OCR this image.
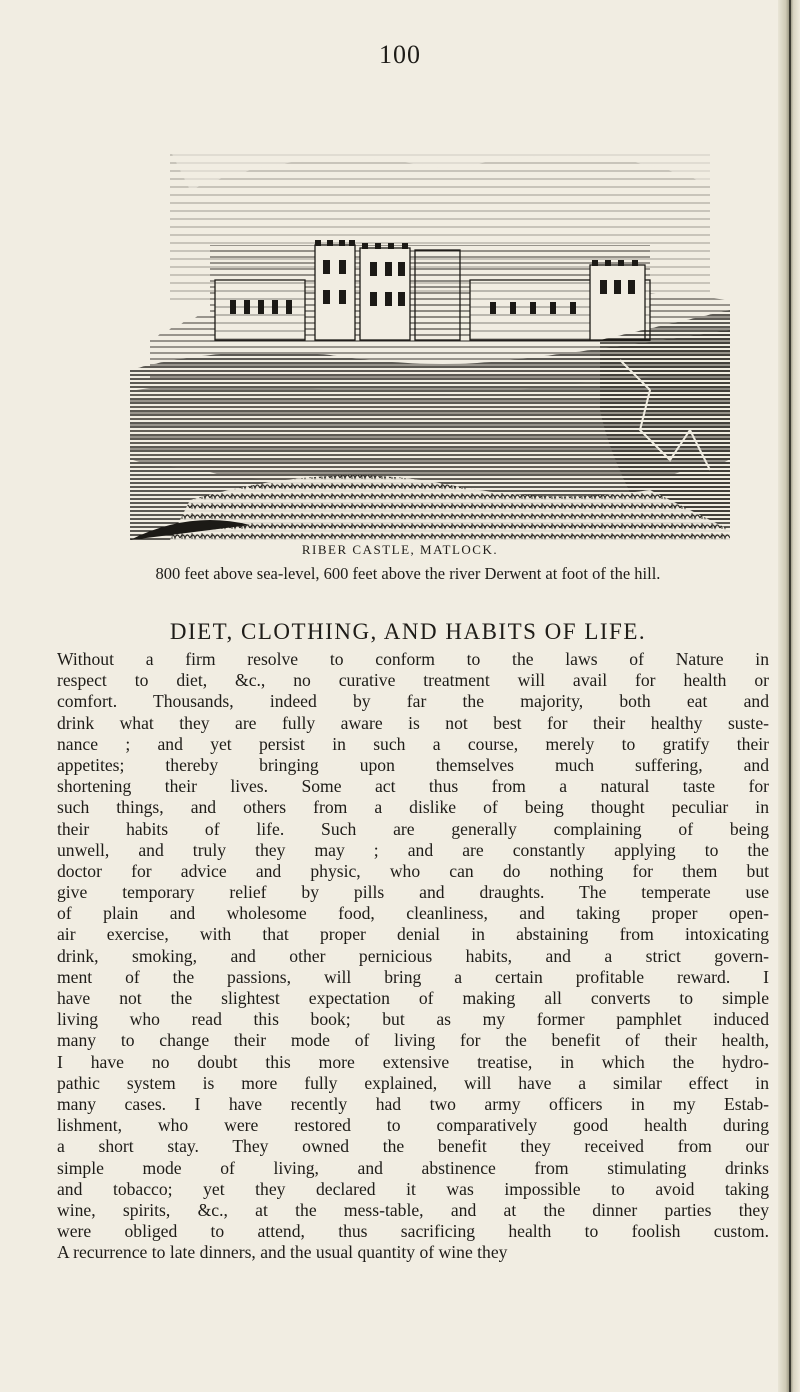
100
RIBER CASTLE, MATLOCK.
800 feet above sea-level, 600 feet above the river Derwent at foot of the hill.
DIET, CLOTHING, AND HABITS OF LIFE.
Without a firm resolve to conform to the laws of Nature in
respect to diet, &c., no curative treatment will avail for health or
comfort. Thousands, indeed by far the majority, both eat and
drink what they are fully aware is not best for their healthy suste-
nance ; and yet persist in such a course, merely to gratify their
appetites; thereby bringing upon themselves much suffering, and
shortening their lives. Some act thus from a natural taste for
such things, and others from a dislike of being thought peculiar in
their habits of life. Such are generally complaining of being
unwell, and truly they may ; and are constantly applying to the
doctor for advice and physic, who can do nothing for them but
give temporary relief by pills and draughts. The temperate use
of plain and wholesome food, cleanliness, and taking proper open-
air exercise, with that proper denial in abstaining from intoxicating
drink, smoking, and other pernicious habits, and a strict govern-
ment of the passions, will bring a certain profitable reward. I
have not the slightest expectation of making all converts to simple
living who read this book; but as my former pamphlet induced
many to change their mode of living for the benefit of their health,
I have no doubt this more extensive treatise, in which the hydro-
pathic system is more fully explained, will have a similar effect in
many cases. I have recently had two army officers in my Estab-
lishment, who were restored to comparatively good health during
a short stay. They owned the benefit they received from our
simple mode of living, and abstinence from stimulating drinks
and tobacco; yet they declared it was impossible to avoid taking
wine, spirits, &c., at the mess-table, and at the dinner parties they
were obliged to attend, thus sacrificing health to foolish custom.
A recurrence to late dinners, and the usual quantity of wine they
